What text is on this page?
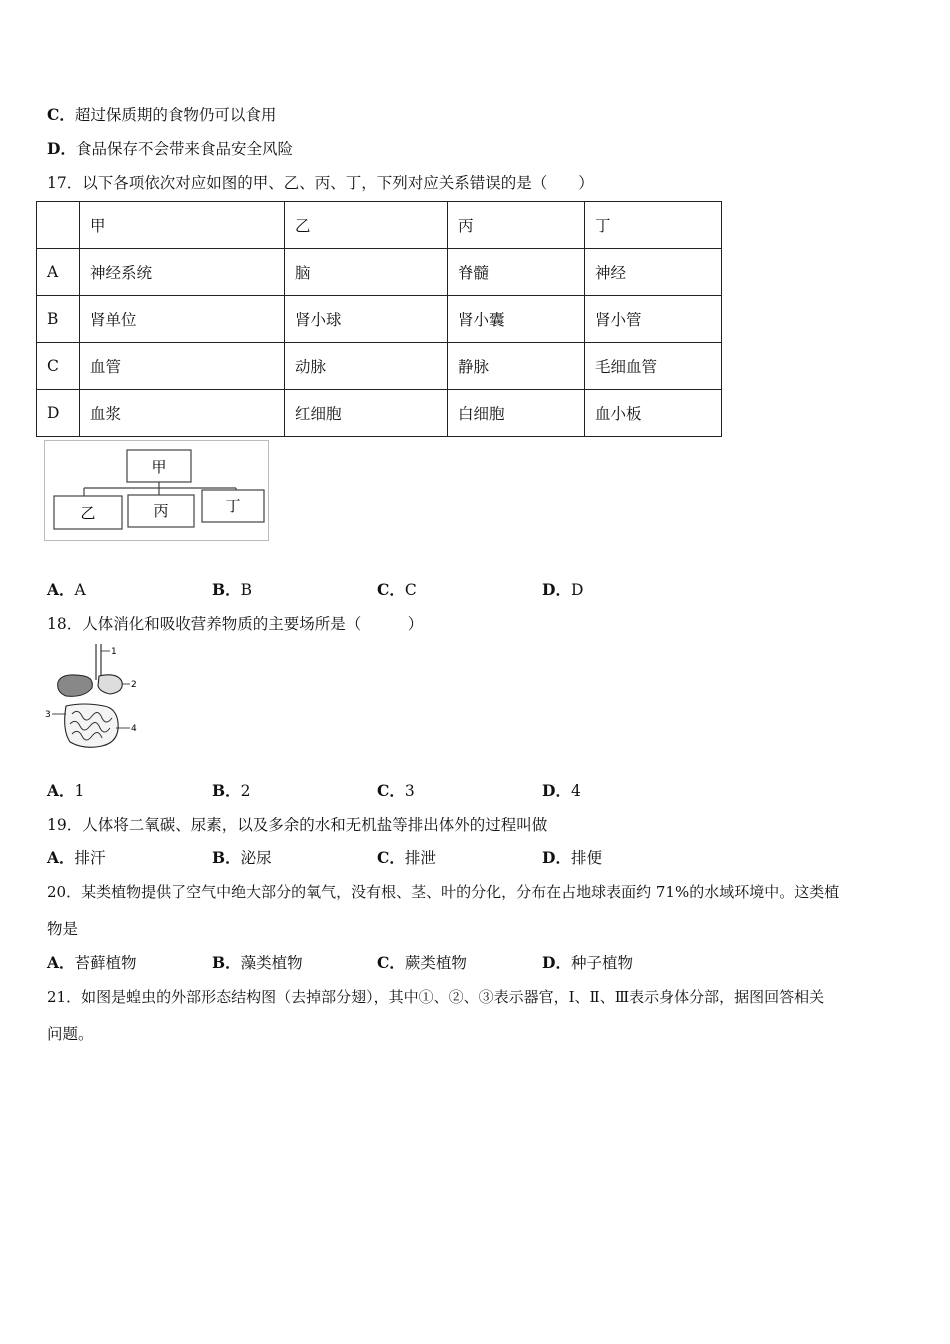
C．超过保质期的食物仍可以食用
D．食品保存不会带来食品安全风险
17．以下各项依次对应如图的甲、乙、丙、丁，下列对应关系错误的是（　　）
	甲	乙	丙	丁
A	神经系统	脑	脊髓	神经
B	肾单位	肾小球	肾小囊	肾小管
C	血管	动脉	静脉	毛细血管
D	血浆	红细胞	白细胞	血小板
甲
乙	丙	丁
A．A	B．B	C．C	D．D
18．人体消化和吸收营养物质的主要场所是（　　　）
1
2
3
4
A．1	B．2	C．3	D．4
19．人体将二氧碳、尿素，以及多余的水和无机盐等排出体外的过程叫做
A．排汗	B．泌尿	C．排泄	D．排便
20．某类植物提供了空气中绝大部分的氧气，没有根、茎、叶的分化，分布在占地球表面约 71%的水域环境中。这类植
物是
A．苔藓植物	B．藻类植物	C．蕨类植物	D．种子植物
21．如图是蝗虫的外部形态结构图（去掉部分翅），其中①、②、③表示器官，Ⅰ、Ⅱ、Ⅲ表示身体分部，据图回答相关
问题。
